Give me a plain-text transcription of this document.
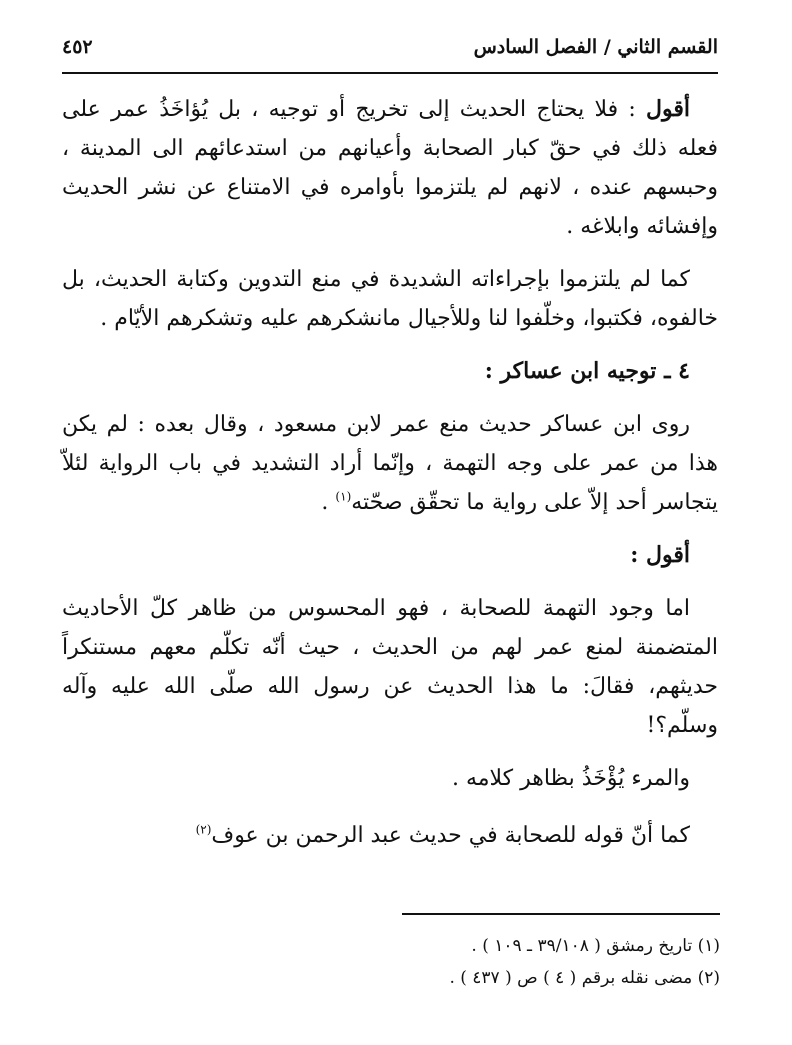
القسم الثاني / الفصل السادس
٤٥٢

أقول : فلا يحتاج الحديث إلى تخريج أو توجيه ، بل يُؤاخَذُ عمر على فعله ذلك في حقّ كبار الصحابة وأعيانهم من استدعائهم الى المدينة ، وحبسهم عنده ، لانهم لم يلتزموا بأوامره في الامتناع عن نشر الحديث وإفشائه وابلاغه .

كما لم يلتزموا بإجراءاته الشديدة في منع التدوين وكتابة الحديث، بل خالفوه، فكتبوا، وخلّفوا لنا وللأجيال مانشكرهم عليه وتشكرهم الأيّام .

٤ ـ توجيه ابن عساكر :

روى ابن عساكر حديث منع عمر لابن مسعود ، وقال بعده : لم يكن هذا من عمر على وجه التهمة ، وإنّما أراد التشديد في باب الرواية لئلاّ يتجاسر أحد إلاّ على رواية ما تحقّق صحّته$^{(١)}$ .

أقول :

اما وجود التهمة للصحابة ، فهو المحسوس من ظاهر كلّ الأحاديث المتضمنة لمنع عمر لهم من الحديث ، حيث أنّه تكلّم معهم مستنكراً حديثهم، فقالَ: ما هذا الحديث عن رسول الله صلّى الله عليه وآله وسلّم؟!

والمرء يُؤْخَذُ بظاهر كلامه .

كما أنّ قوله للصحابة في حديث عبد الرحمن بن عوف$^{(٢)}$

(١) تاريخ رمشق ( ٣٩/١٠٨ ـ ١٠٩ ) .

(٢) مضى نقله برقم ( ٤ ) ص ( ٤٣٧ ) .
